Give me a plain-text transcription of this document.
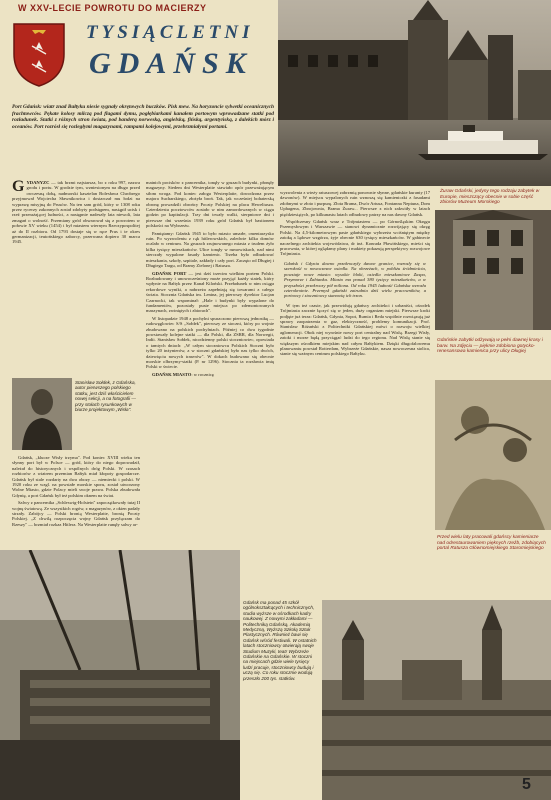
W XXV-LECIE POWROTU DO MACIERZY
TYSIĄCLETNI
GDAŃSK
Port Gdańsk: wiatr znad Bałtyku niesie sygnały okrętowych buczków. Pisk mew. Na horyzoncie sylwetki oceanicznych frachtowców. Pękate kolosy milczą pod flagami dymu, pogłębiarkami kanałem portowym wprowadzane statki pod rozładunek. Statki z różnych stron świata, pod banderą norweską, angielską, fińską, argentyńską, z dalekich mórz i oceanów. Port rozrósł się rozległymi magazynami, rampami kolejowymi, przebrzmiałymi portami.
Żuraw Gdański, jedyny tego rodzaju zabytek w Europie, mieszczący obecnie w sobie część zbiorów Muzeum Morskiego

GYDANYZC — tak brzmi najstarsza, bo z roku 997, nazwa grodu i portu. W grodzie tym, wzniesionym na długo przed owczesną dobą, nadmorski kasztelan Bolesława Chrobrego przyjmował Wojciecha Sławnikowica i dostarczał mu łodzi na wyprawę misyjną do Prusów. Na ten sam gród, który w 1308 roku przez rycerzy zakonnych został zdobyty podstępem, nastąpił ucisk i rzeź przerażającej ludności, a następnie nadeszły lata niewoli, lata zmagań o wolność. Przemiany gród obwarował się z powrotem w połowie XV wieku (1454) i był miastem wiernym Rzeczypospolitej aż do II rozbioru. Od 1793 dostaje się w ręce Prus i te okres germanizacji, teutońskiego zaborcy, przerwana dopiero 30 marca 1945.

Stanisław Sołdek, z Gdańska, autor pierwszego polskiego statku, jest dziś właścicielem nowej sekcji, a na fotografii — przy stołach rysunkowych w biurze projektowym „Wisła".

Gdańsk, „klucze Wisły trzyma". Pod koniec XVIII wieku ten słynny port był w Polsce — gród, który do niego doprowadził, należał do historycznych i wspólnych dróg Polski. W czasach rozbiorów z wiatrem przemian Bałtyk miał kłopoty gospodarcze. Gdańsk był stale rozdarty na dwa obozy — niemiecki i polski. W 1920 roku ze wzgl. na powstałe morskie sporu, został utworzony Wolne Miasto, gdzie Polacy mieli swoje prawa. Polska zbudowała Gdynię, a port Gdańsk był też polskim oknem na świat.

Salwy z pancernika „Schleswig-Holstein" zapoczątkowały tutaj II wojnę światową. Ze wszystkich rogów, z magazynów, z okien padały strzały. Zabójcy — Polski bronią Westerplatte, bronią Poczty Polskiej. „Z chwilą rozpoczęcia wojny Gdańsk przyłączam do Rzeszy" — brzmiał rozkaz Hitlera. Na Westerplatte runęły salwy ar-

matnich pocisków z pancernika, tonęły w gruzach budynki, płonęły magazyny. Siedem dni Westerplatte stawiało opór przeważającym siłom wroga. Pod koniec załoga Westerplatte, dowodzona przez majora Sucharskiego, złożyła broń. Tak, jak wcześniej bohaterską obronę prowadzili obrońcy Poczty Polskiej na placu Heweliusza. Czterdziestu pocztowców zostało w nim zamordowanych w ciągu godzin po kapitulacji. Trzy dni trwały walki, sierpniowe dni i pierwsze dni września 1939 roku gród Gdańsk był bastionem polskości na Wybrzeżu.

Pamiętamy: Gdańsk 1945 to było miasto umarłe, cmentarzysko ruin. Po wyzwoleniu z rąk hitlerowskich, zaledwie kilka domów ocalało w centrum. Na gruzach zrujnowanego miasta z trudem żyło kilka tysięcy mieszkańców. Ulice tonęły w rumowiskach, nad nimi sterczały wypalone fasady kamienic. Trzeba było odbudować mieszkania, szkoły, szpitale, zakłady i cały port. Zaczęto od Długiej i Długiego Targu, od Bramy Zielonej i Ratusza.

GDAŃSK PORT — jest dziś trzecim wielkim portem Polski. Rozbudowany i unowocześniony może przyjąć każdy statek, który wpłynie na Bałtyk przez Kanał Kiloński. Przeładunek w nim osiąga rekordowe wyniki, a nabrzeża zapełniają się towarami z całego świata. Stocznia Gdańska im. Lenina, jej pierwszy dyrektor Lucjan Czarnocki, tak wspominał: „Hale i budynki były wypalone do fundamentów, pozostały puste miejsca po zdemontowanych maszynach, zwiniętych i zbiorach".

W listopadzie 1948 z pochylni spuszczono pierwszą jednostkę — rudowęglowiec S/S „Sołdek", pierwszy ze stoczni, który po wojnie zbudowano na polskich pochylniach. Później co dwa tygodnie powstawały kolejne statki — dla Polski, dla ZSRR, dla Norwegii, Indii. Stanisław Sołdek, nicodzienny polski stoczniowiec, opowiada o tamtych dniach: „W całym stoczniowcu Polskich Stoczni było tylko 20 inżynierów, a w stoczni gdańskiej było nas tylko dwóch, dziewięciu nowych traserów". W dokach budowano się obecnie morskie olbrzymy-statki (P. nr 1296). Stocznia ta rozsławia imię Polski w świecie.

GDAŃSK MIASTO: w rocznicę

wyzwolenia z wieży ratuszowej zabrzmią ponownie słynne, gdańskie kuranty (17 dzwonów). W miejscu wypalonych ruin wznoszą się kamieniczki z fasadami zdobnymi w złoto i purpurę. Złota Brama, Dwór Artusa, Fontanna Neptuna, Dom Uphagena, Zbrojownia, Brama Żuraw... Pierwsze z nich zakwitły w latach pięćdziesiątych, po kilkunastu latach odbudowy patrzy na nas dawny Gdańsk.

Współczesny Gdańsk wraz z Trójmiastem — po Górnośląskim Okręgu Przemysłowym i Warszawie — stanowi dynamicznie rozwijający się okręg Polski. Na 4,5-kilometrowym pasie gdańskiego wybrzeża wciśniętym między zatokę a lądowe wzgórza, żyje obecnie 630 tysięcy mieszkańców. W gabinecie naczelnego architekta województwa, dr inż. Konrada Pławińskiego, mieści się pracownia, w której oglądamy plany i makiety pokazują perspektywy rozwojowe Trójmiasta.

Gdańsk i Gdynia dawno przekroczyły dawne granice, rozrosły się w szerokość w nowoczesne osiedla. Na obrzeżach, w pobliżu śródmieścia, powstaje nowe miasto: wysokie bloki, osiedla mieszkaniowe Zaspa, Przymorze i Żabianka. Miasto ma ponad 380 tysięcy mieszkańców, a w przyszłości przekroczy pół miliona. Od roku 1945 ludność Gdańska wzrosła czterokrotnie. Przemysł gdański zatrudnia dziś wielu pracowników, a portowcy i stoczniowcy stanowią ich trzon.

W tym też czasie, jak przewidują gdańscy architekci i urbaniści, ośrodek Trójmiasta zacznie łączyć się w jeden, duży organizm miejski. Pierwsze kroki podjęte już teraz: Gdańsk, Gdynia, Sopot, Rumia i Reda wspólnie rozwiązują już sprawy zaopatrzenia w gaz, elektryczność, problemy komunikacji. Prof. Stanisław Różański z Politechniki Gdańskiej mówi o rozwoju wielkiej aglomeracji. Obok niej wyrośnie nowy port centralny nad Wisłą. Brzegi Wisły, zatoki i morze będą przyciągać ludzi do tego regionu. Nad Wisłą stanie się większym ośrodkiem miejskim nad całym Bałtykiem. Dzięki długofalowemu planowaniu powstał Rotterdam, Wybrzeże Gdańskie, nasza nowoczesna stolica, stanie się ważnym centrum polskiego Bałtyku.

Gdańskie zabytki odżywają w pełni dawnej krasy i barw. Na zdjęciu — pięknie zdobiona gotycko-renesansowa kamienica przy ulicy Długiej
Przed wielu laty pracowali gdańscy kamieniarze nad odrestaurowaniem pięknych rzeźb, zdobiących portal Ratusza Głównomiejskiego Staromiejskiego
Gdańsk ma ponad 45 szkół ogólnokształcących i technicznych, studia wyższe w ośrodkach kadry naukowej. Z nowymi zakładami — Politechniką Gdańską, Akademią Medyczną, Wyższą Szkołą Sztuk Plastycznych. Również bawi się Gdańsk wśród festiwali. W ostatnich latach stoczniowcy otwierają swoje Studium Muzyki, teatr Wybrzeże Gdańskie na Gdańskie. W stoczni na miejscach gdzie wiele tysięcy ludzi pracuje, stoczniowcy budują i uczą się. Co roku stocznie wodują przeszło 200 tys. statków.
5
